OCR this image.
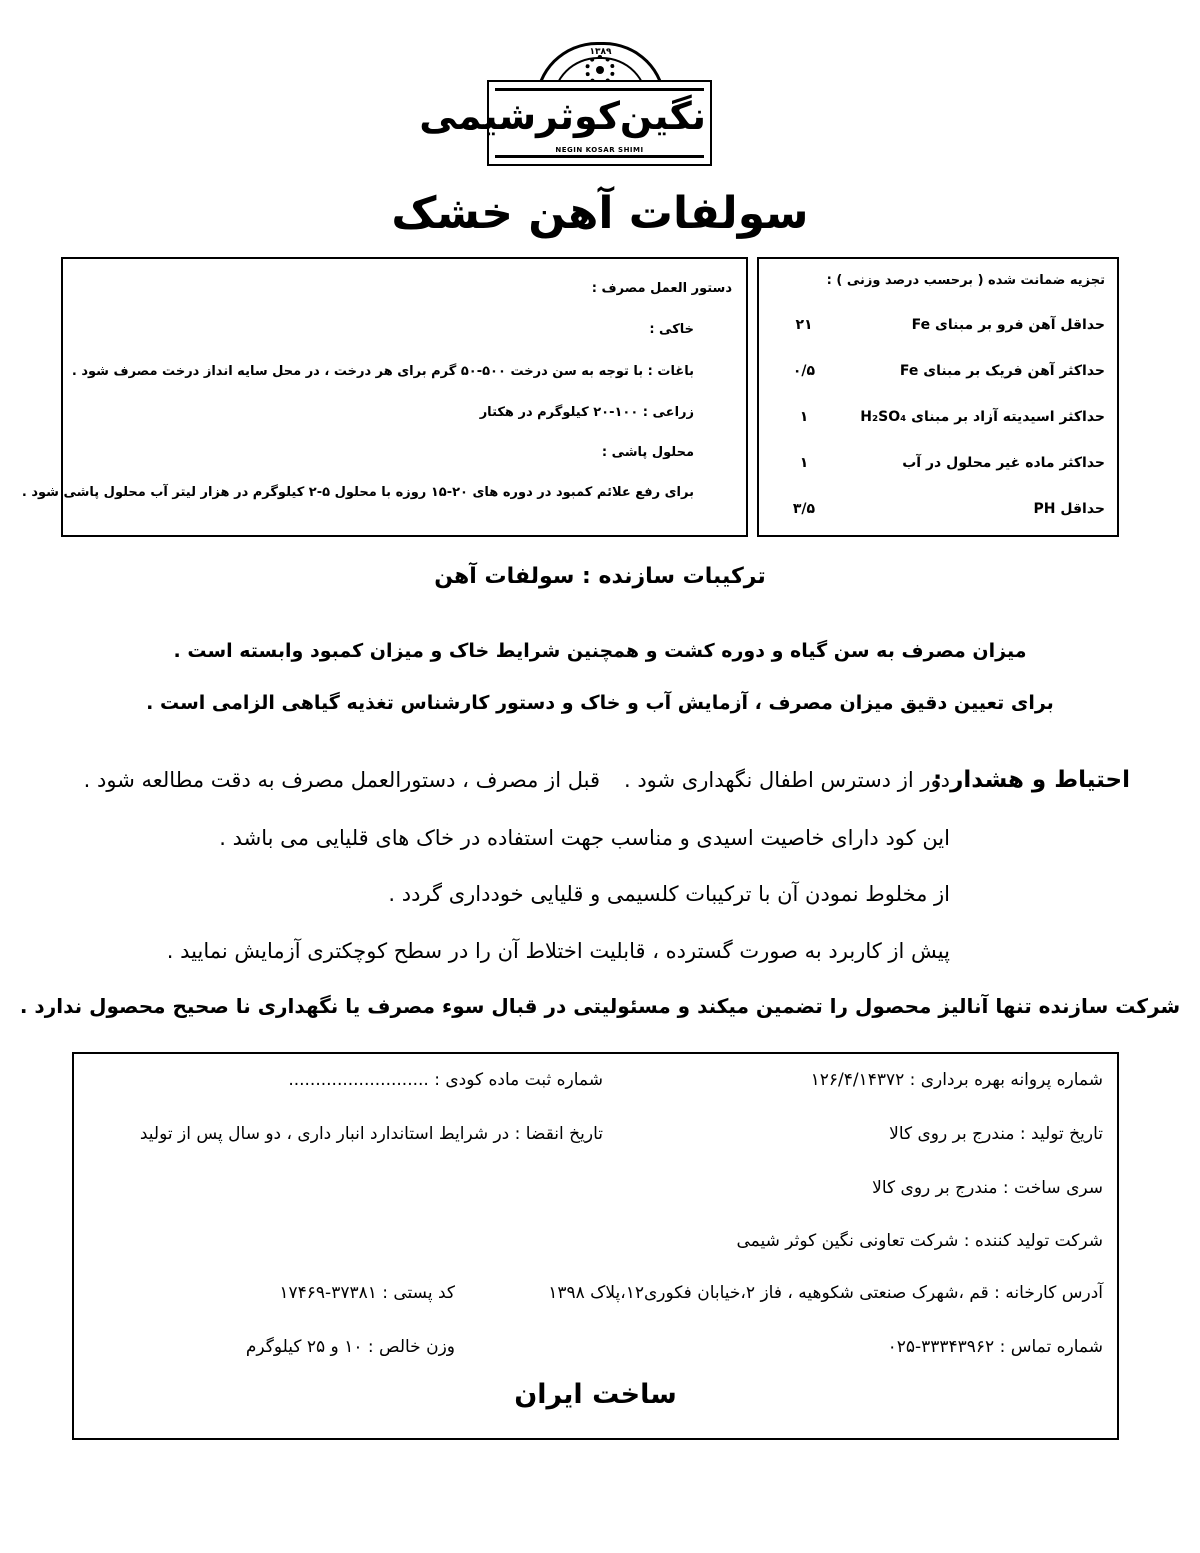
۱۳۸۹
نگین‌کوثرشیمی
NEGIN KOSAR SHIMI
سولفات آهن خشک
تجزیه ضمانت شده ( برحسب درصد وزنی ) :
حداقل آهن فرو بر مبنای Fe
۲۱
حداکثر آهن فریک بر مبنای Fe
۰/۵
حداکثر اسیدیته آزاد بر مبنای H₂SO₄
۱
حداکثر ماده غیر محلول در آب
۱
حداقل PH
۳/۵
دستور العمل مصرف :
خاکی :
باغات : با توجه به سن درخت ۵۰۰-۵۰ گرم برای هر درخت ، در محل سایه انداز درخت مصرف شود .
زراعی : ۱۰۰-۲۰ کیلوگرم در هکتار
محلول پاشی :
برای رفع علائم کمبود در دوره های ۲۰-۱۵ روزه با محلول ۵-۲ کیلوگرم در هزار لیتر آب محلول پاشی شود .
ترکیبات سازنده : سولفات آهن
میزان مصرف به سن گیاه و دوره کشت و همچنین شرایط خاک و میزان کمبود وابسته است .
برای تعیین دقیق میزان مصرف ، آزمایش آب و خاک و دستور کارشناس تغذیه گیاهی الزامی است .
احتیاط و هشدار :
دور از دسترس اطفال نگهداری شود .
قبل از مصرف ، دستورالعمل مصرف به دقت مطالعه شود .
این کود دارای خاصیت اسیدی و مناسب جهت استفاده در خاک های قلیایی می باشد .
از مخلوط نمودن آن با ترکیبات کلسیمی و قلیایی خودداری گردد .
پیش از کاربرد به صورت گسترده ، قابلیت اختلاط آن را در سطح کوچکتری آزمایش نمایید .
شرکت سازنده تنها آنالیز محصول را تضمین میکند و مسئولیتی در قبال سوء مصرف یا نگهداری نا صحیح محصول ندارد .
شماره پروانه بهره برداری : ۱۲۶/۴/۱۴۳۷۲
شماره ثبت ماده کودی : ..........................
تاریخ تولید : مندرج بر روی کالا
تاریخ انقضا : در شرایط استاندارد انبار داری ، دو سال پس از تولید
سری ساخت : مندرج بر روی کالا
شرکت تولید کننده : شرکت تعاونی نگین کوثر شیمی
آدرس کارخانه : قم ،شهرک صنعتی شکوهیه ، فاز ۲،خیابان فکوری۱۲،پلاک ۱۳۹۸
کد پستی : ۳۷۳۸۱-۱۷۴۶۹
شماره تماس : ۳۳۳۴۳۹۶۲-۰۲۵
وزن خالص : ۱۰ و ۲۵ کیلوگرم
ساخت ایران
